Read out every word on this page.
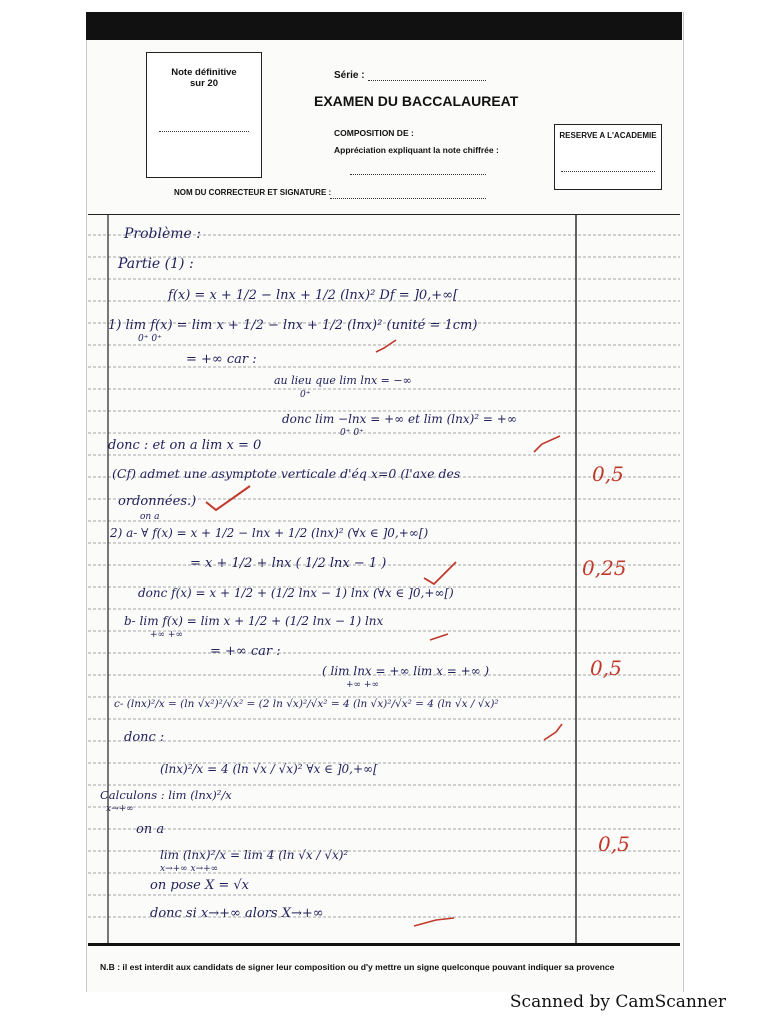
Note définitive
sur 20
Série :
EXAMEN DU BACCALAUREAT
COMPOSITION DE :
Appréciation expliquant la note chiffrée :
RESERVE A L'ACADEMIE
NOM DU CORRECTEUR ET SIGNATURE :
Problème :
Partie (1) :
f(x) = x + 1/2 − lnx + 1/2 (lnx)² Df = ]0,+∞[
1) lim f(x) = lim x + 1/2 − lnx + 1/2 (lnx)² (unité = 1cm)
0⁺ 0⁺
= +∞ car :
au lieu que lim lnx = −∞
0⁺
donc lim −lnx = +∞ et lim (lnx)² = +∞
0⁺ 0⁺
donc : et on a lim x = 0
(Cf) admet une asymptote verticale d'éq x=0 (l'axe des
ordonnées.)
on a
2) a- ∀ f(x) = x + 1/2 − lnx + 1/2 (lnx)² (∀x ∈ ]0,+∞[)
= x + 1/2 + lnx ( 1/2 lnx − 1 )
donc f(x) = x + 1/2 + (1/2 lnx − 1) lnx (∀x ∈ ]0,+∞[)
b- lim f(x) = lim x + 1/2 + (1/2 lnx − 1) lnx
+∞ +∞
= +∞ car :
( lim lnx = +∞ lim x = +∞ )
+∞ +∞
c- (lnx)²/x = (ln √x²)²/√x² = (2 ln √x)²/√x² = 4 (ln √x)²/√x² = 4 (ln √x / √x)²
donc :
(lnx)²/x = 4 (ln √x / √x)² ∀x ∈ ]0,+∞[
Calculons : lim (lnx)²/x
x→+∞
on a
lim (lnx)²/x = lim 4 (ln √x / √x)²
x→+∞ x→+∞
on pose X = √x
donc si x→+∞ alors X→+∞
0,5
0,25
0,5
0,5
N.B : il est interdit aux candidats de signer leur composition ou d'y mettre un signe quelconque pouvant indiquer sa provence
Scanned by CamScanner
